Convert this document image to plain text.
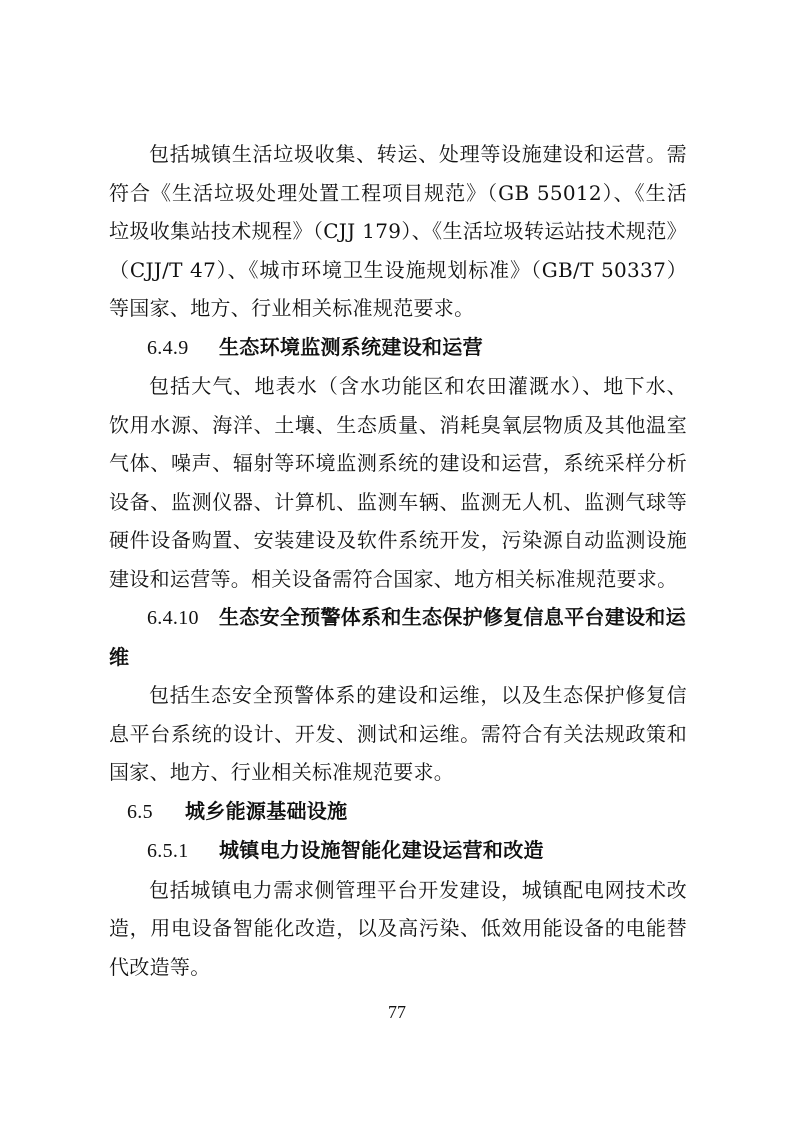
包括城镇生活垃圾收集、转运、处理等设施建设和运营。需符合《生活垃圾处理处置工程项目规范》（GB 55012）、《生活垃圾收集站技术规程》（CJJ 179）、《生活垃圾转运站技术规范》（CJJ/T 47）、《城市环境卫生设施规划标准》（GB/T 50337）等国家、地方、行业相关标准规范要求。

6.4.9 生态环境监测系统建设和运营

包括大气、地表水（含水功能区和农田灌溉水）、地下水、饮用水源、海洋、土壤、生态质量、消耗臭氧层物质及其他温室气体、噪声、辐射等环境监测系统的建设和运营，系统采样分析设备、监测仪器、计算机、监测车辆、监测无人机、监测气球等硬件设备购置、安装建设及软件系统开发，污染源自动监测设施建设和运营等。相关设备需符合国家、地方相关标准规范要求。

6.4.10 生态安全预警体系和生态保护修复信息平台建设和运维

包括生态安全预警体系的建设和运维，以及生态保护修复信息平台系统的设计、开发、测试和运维。需符合有关法规政策和国家、地方、行业相关标准规范要求。

6.5 城乡能源基础设施

6.5.1 城镇电力设施智能化建设运营和改造

包括城镇电力需求侧管理平台开发建设，城镇配电网技术改造，用电设备智能化改造，以及高污染、低效用能设备的电能替代改造等。

77
